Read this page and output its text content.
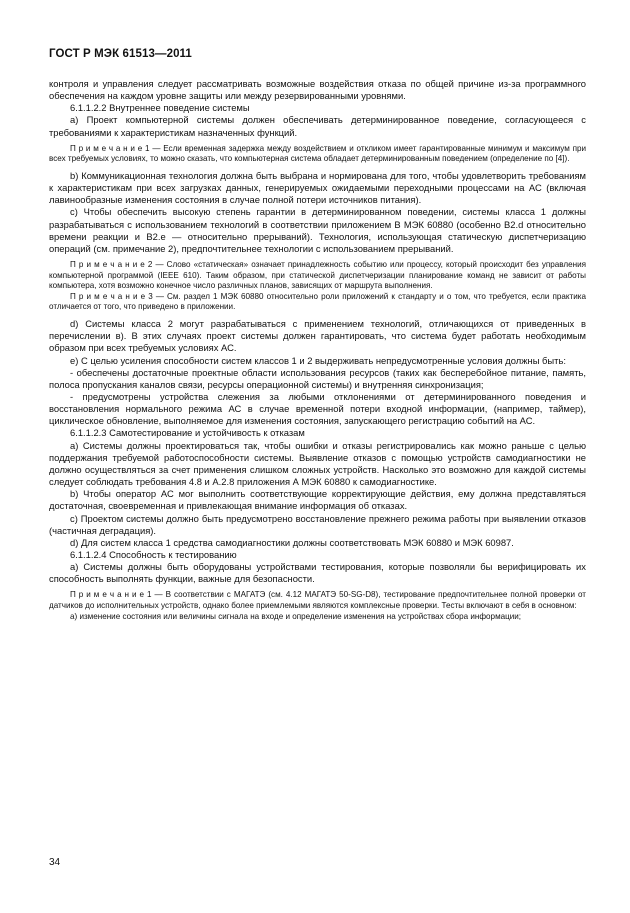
ГОСТ Р МЭК 61513—2011

контроля и управления следует рассматривать возможные воздействия отказа по общей причине из-за программного обеспечения на каждом уровне защиты или между резервированными уровнями.

6.1.1.2.2 Внутреннее поведение системы

а) Проект компьютерной системы должен обеспечивать детерминированное поведение, согласующееся с требованиями к характеристикам назначенных функций.

П р и м е ч а н и е 1 — Если временная задержка между воздействием и откликом имеет гарантированные минимум и максимум при всех требуемых условиях, то можно сказать, что компьютерная система обладает детерминированным поведением (определение по [4]).

b) Коммуникационная технология должна быть выбрана и нормирована для того, чтобы удовлетворить требованиям к характеристикам при всех загрузках данных, генерируемых ожидаемыми переходными процессами на АС (включая лавинообразные изменения состояния в случае полной потери источников питания).

с) Чтобы обеспечить высокую степень гарантии в детерминированном поведении, системы класса 1 должны разрабатываться с использованием технологий в соответствии приложением В МЭК 60880 (особенно В2.d относительно времени реакции и В2.е — относительно прерываний). Технология, использующая статическую диспетчеризацию операций (см. примечание 2), предпочтительнее технологии с использованием прерываний.

П р и м е ч а н и е 2 — Слово «статическая» означает принадлежность событию или процессу, который происходит без управления компьютерной программой (IEEE 610). Таким образом, при статической диспетчеризации планирование команд не зависит от работы компьютера, хотя возможно конечное число различных планов, зависящих от маршрута выполнения.

П р и м е ч а н и е 3 — См. раздел 1 МЭК 60880 относительно роли приложений к стандарту и о том, что требуется, если практика отличается от того, что приведено в приложении.

d) Системы класса 2 могут разрабатываться с применением технологий, отличающихся от приведенных в перечислении в). В этих случаях проект системы должен гарантировать, что система будет работать необходимым образом при всех требуемых условиях АС.

е) С целью усиления способности систем классов 1 и 2 выдерживать непредусмотренные условия должны быть:

- обеспечены достаточные проектные области использования ресурсов (таких как бесперебойное питание, память, полоса пропускания каналов связи, ресурсы операционной системы) и внутренняя синхронизация;

- предусмотрены устройства слежения за любыми отклонениями от детерминированного поведения и восстановления нормального режима АС в случае временной потери входной информации, (например, таймер), циклическое обновление, выполняемое для изменения состояния, запускающего регистрацию событий на АС.

6.1.1.2.3 Самотестирование и устойчивость к отказам

а) Системы должны проектироваться так, чтобы ошибки и отказы регистрировались как можно раньше с целью поддержания требуемой работоспособности системы. Выявление отказов с помощью устройств самодиагностики не должно осуществляться за счет применения слишком сложных устройств. Насколько это возможно для каждой системы следует соблюдать требования 4.8 и А.2.8 приложения А МЭК 60880 к самодиагностике.

b) Чтобы оператор АС мог выполнить соответствующие корректирующие действия, ему должна представляться достаточная, своевременная и привлекающая внимание информация об отказах.

с) Проектом системы должно быть предусмотрено восстановление прежнего режима работы при выявлении отказов (частичная деградация).

d) Для систем класса 1 средства самодиагностики должны соответствовать МЭК 60880 и МЭК 60987.

6.1.1.2.4 Способность к тестированию

а) Системы должны быть оборудованы устройствами тестирования, которые позволяли бы верифицировать их способность выполнять функции, важные для безопасности.

П р и м е ч а н и е 1 — В соответствии с МАГАТЭ (см. 4.12 МАГАТЭ 50-SG-D8), тестирование предпочтительнее полной проверки от датчиков до исполнительных устройств, однако более приемлемыми являются комплексные проверки. Тесты включают в себя в основном:

а) изменение состояния или величины сигнала на входе и определение изменения на устройствах сбора информации;

34
